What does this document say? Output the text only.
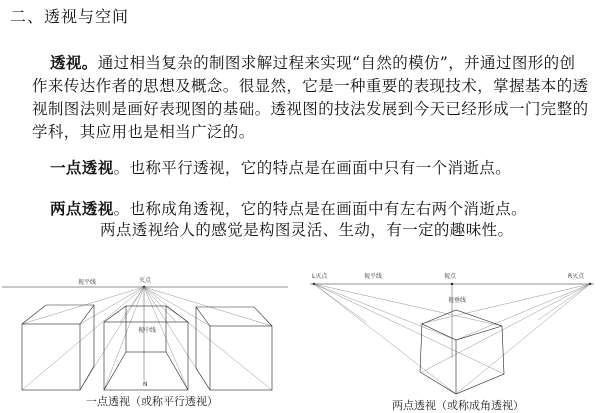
二、透视与空间
透视。通过相当复杂的制图求解过程来实现“自然的模仿”，并通过图形的创作来传达作者的思想及概念。很显然，它是一种重要的表现技术，掌握基本的透视制图法则是画好表现图的基础。透视图的技法发展到今天已经形成一门完整的学科，其应用也是相当广泛的。
一点透视。也称平行透视，它的特点是在画面中只有一个消逝点。
两点透视。也称成角透视，它的特点是在画面中有左右两个消逝点。
两点透视给人的感觉是构图灵活、生动，有一定的趣味性。
视平线	灭点
视中线
N
一点透视（或称平行透视）
L灭点	视平线	视点	R灭点
视垂线
两点透视（或称成角透视）
